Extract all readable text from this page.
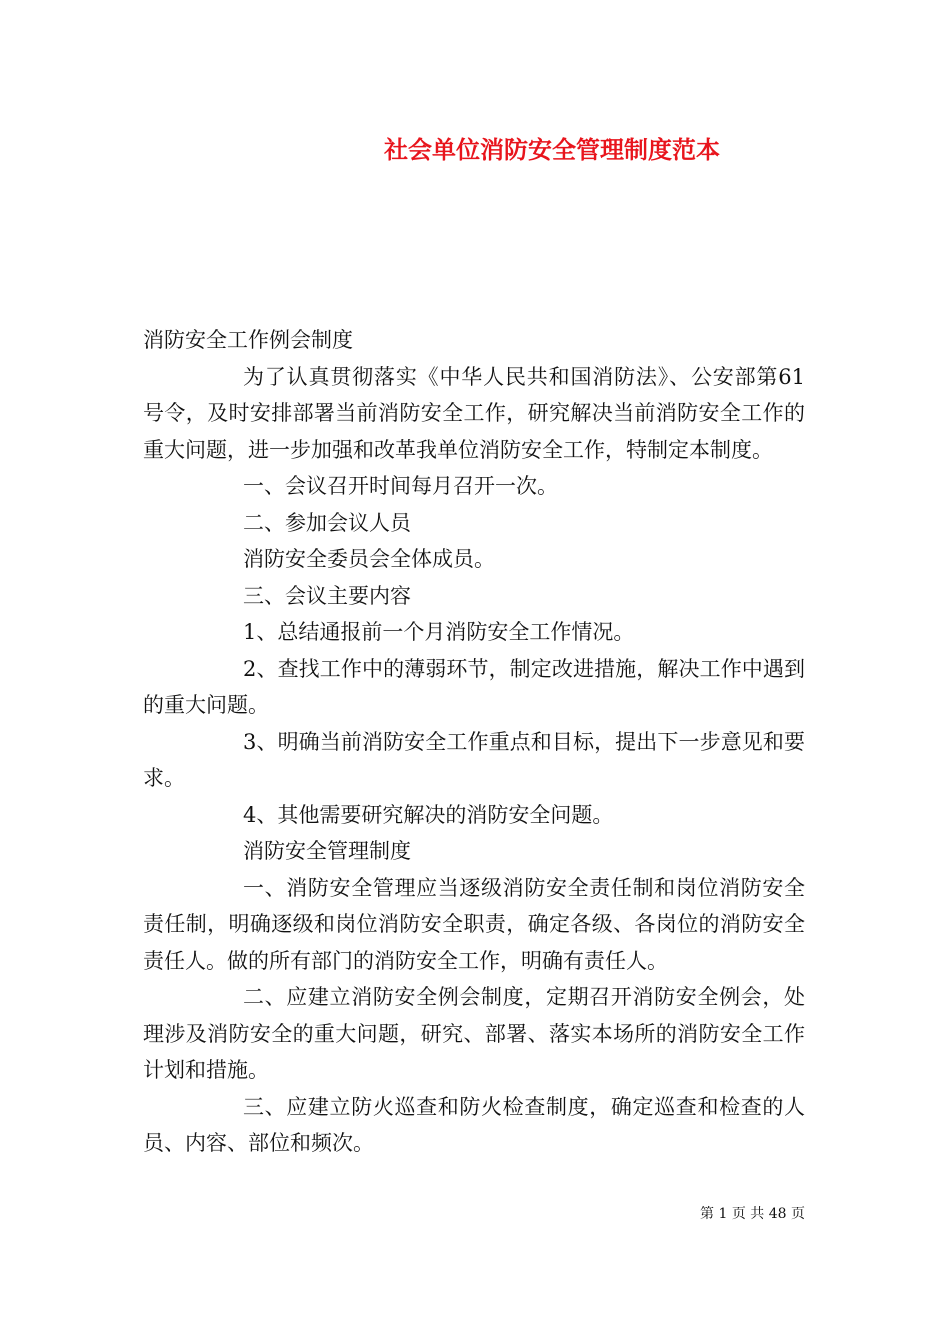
社会单位消防安全管理制度范本

消防安全工作例会制度

为了认真贯彻落实《中华人民共和国消防法》、公安部第61号令，及时安排部署当前消防安全工作，研究解决当前消防安全工作的重大问题，进一步加强和改革我单位消防安全工作，特制定本制度。

一、会议召开时间每月召开一次。

二、参加会议人员

消防安全委员会全体成员。

三、会议主要内容

1、总结通报前一个月消防安全工作情况。

2、查找工作中的薄弱环节，制定改进措施，解决工作中遇到的重大问题。

3、明确当前消防安全工作重点和目标，提出下一步意见和要求。

4、其他需要研究解决的消防安全问题。

消防安全管理制度

一、消防安全管理应当逐级消防安全责任制和岗位消防安全责任制，明确逐级和岗位消防安全职责，确定各级、各岗位的消防安全责任人。做的所有部门的消防安全工作，明确有责任人。

二、应建立消防安全例会制度，定期召开消防安全例会，处理涉及消防安全的重大问题，研究、部署、落实本场所的消防安全工作计划和措施。

三、应建立防火巡查和防火检查制度，确定巡查和检查的人员、内容、部位和频次。

第 1 页 共 48 页
